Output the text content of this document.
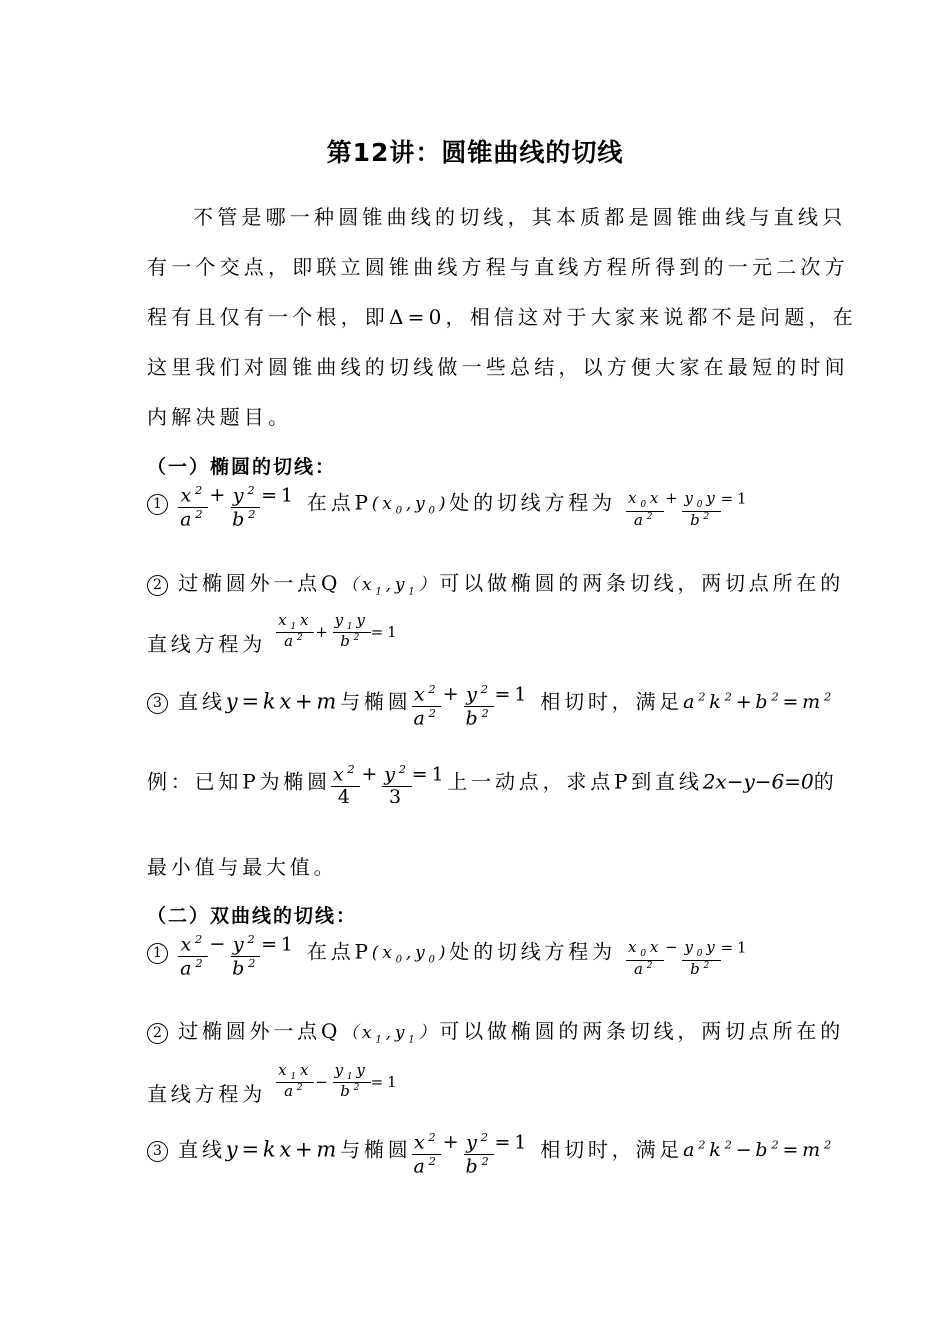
第12讲：圆锥曲线的切线
不管是哪一种圆锥曲线的切线，其本质都是圆锥曲线与直线只
有一个交点，即联立圆锥曲线方程与直线方程所得到的一元二次方
程有且仅有一个根，即Δ=0，相信这对于大家来说都不是问题，在
这里我们对圆锥曲线的切线做一些总结，以方便大家在最短的时间
内解决题目。
（一）椭圆的切线：
$1 \frac{x^2}{a^2} + \frac{y^2}{b^2} =1$ 在点$P(x_0,y_0)$处的切线方程为 $\frac{x_0x}{a^2} ^+ \frac{y_0y}{b^2} ^{=1}$
2 过椭圆外一点$Q(x_1,y_1)$可以做椭圆的两条切线，两切点所在的
直线方程为 $\frac{x_1x}{a^2} + \frac{y_1y}{b^2} =1$
3 直线y=kx+m与椭圆 $\frac{x^2}{a^2} + \frac{y^2}{b^2} =1$ 相切时，满足$a^2k^2+b^2=m^2$
例：已知P为椭圆 $\frac{x^2}{4} + \frac{y^2}{3} =1$上一动点，求点P到直线2x−y−6=0的
最小值与最大值。
（二）双曲线的切线：
$1 \frac{x^2}{a^2} - \frac{y^2}{b^2} =1$ 在点$P(x_0,y_0)$处的切线方程为 $\frac{x_0x}{a^2} ^- \frac{y_0y}{b^2} ^{=1}$
2 过椭圆外一点$Q(x_1,y_1)$可以做椭圆的两条切线，两切点所在的
直线方程为 $\frac{x_1x}{a^2} - \frac{y_1y}{b^2} =1$
3 直线y=kx+m与椭圆 $\frac{x^2}{a^2} + \frac{y^2}{b^2} =1$ 相切时，满足$a^2k^2-b^2=m^2$
